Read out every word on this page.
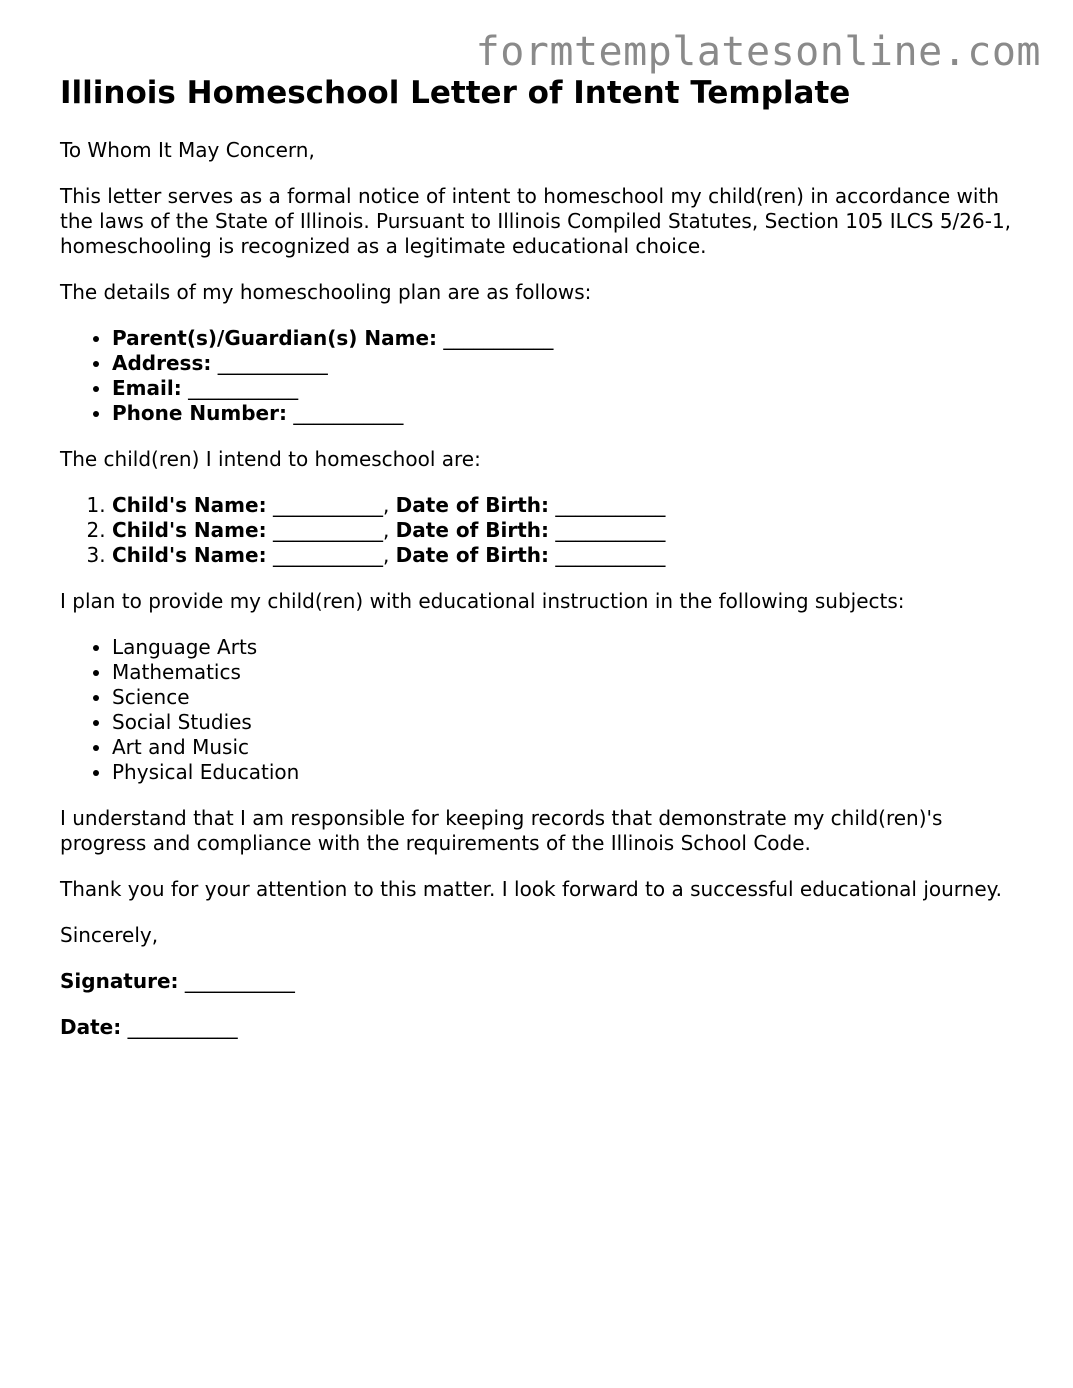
formtemplatesonline.com
Illinois Homeschool Letter of Intent Template

To Whom It May Concern,

This letter serves as a formal notice of intent to homeschool my child(ren) in accordance with the laws of the State of Illinois. Pursuant to Illinois Compiled Statutes, Section 105 ILCS 5/26-1, homeschooling is recognized as a legitimate educational choice.

The details of my homeschooling plan are as follows:

• Parent(s)/Guardian(s) Name: ___________
• Address: ___________
• Email: ___________
• Phone Number: ___________

The child(ren) I intend to homeschool are:

1. Child's Name: ___________, Date of Birth: ___________
2. Child's Name: ___________, Date of Birth: ___________
3. Child's Name: ___________, Date of Birth: ___________

I plan to provide my child(ren) with educational instruction in the following subjects:

• Language Arts
• Mathematics
• Science
• Social Studies
• Art and Music
• Physical Education

I understand that I am responsible for keeping records that demonstrate my child(ren)'s progress and compliance with the requirements of the Illinois School Code.

Thank you for your attention to this matter. I look forward to a successful educational journey.

Sincerely,

Signature: ___________
Date: ___________
